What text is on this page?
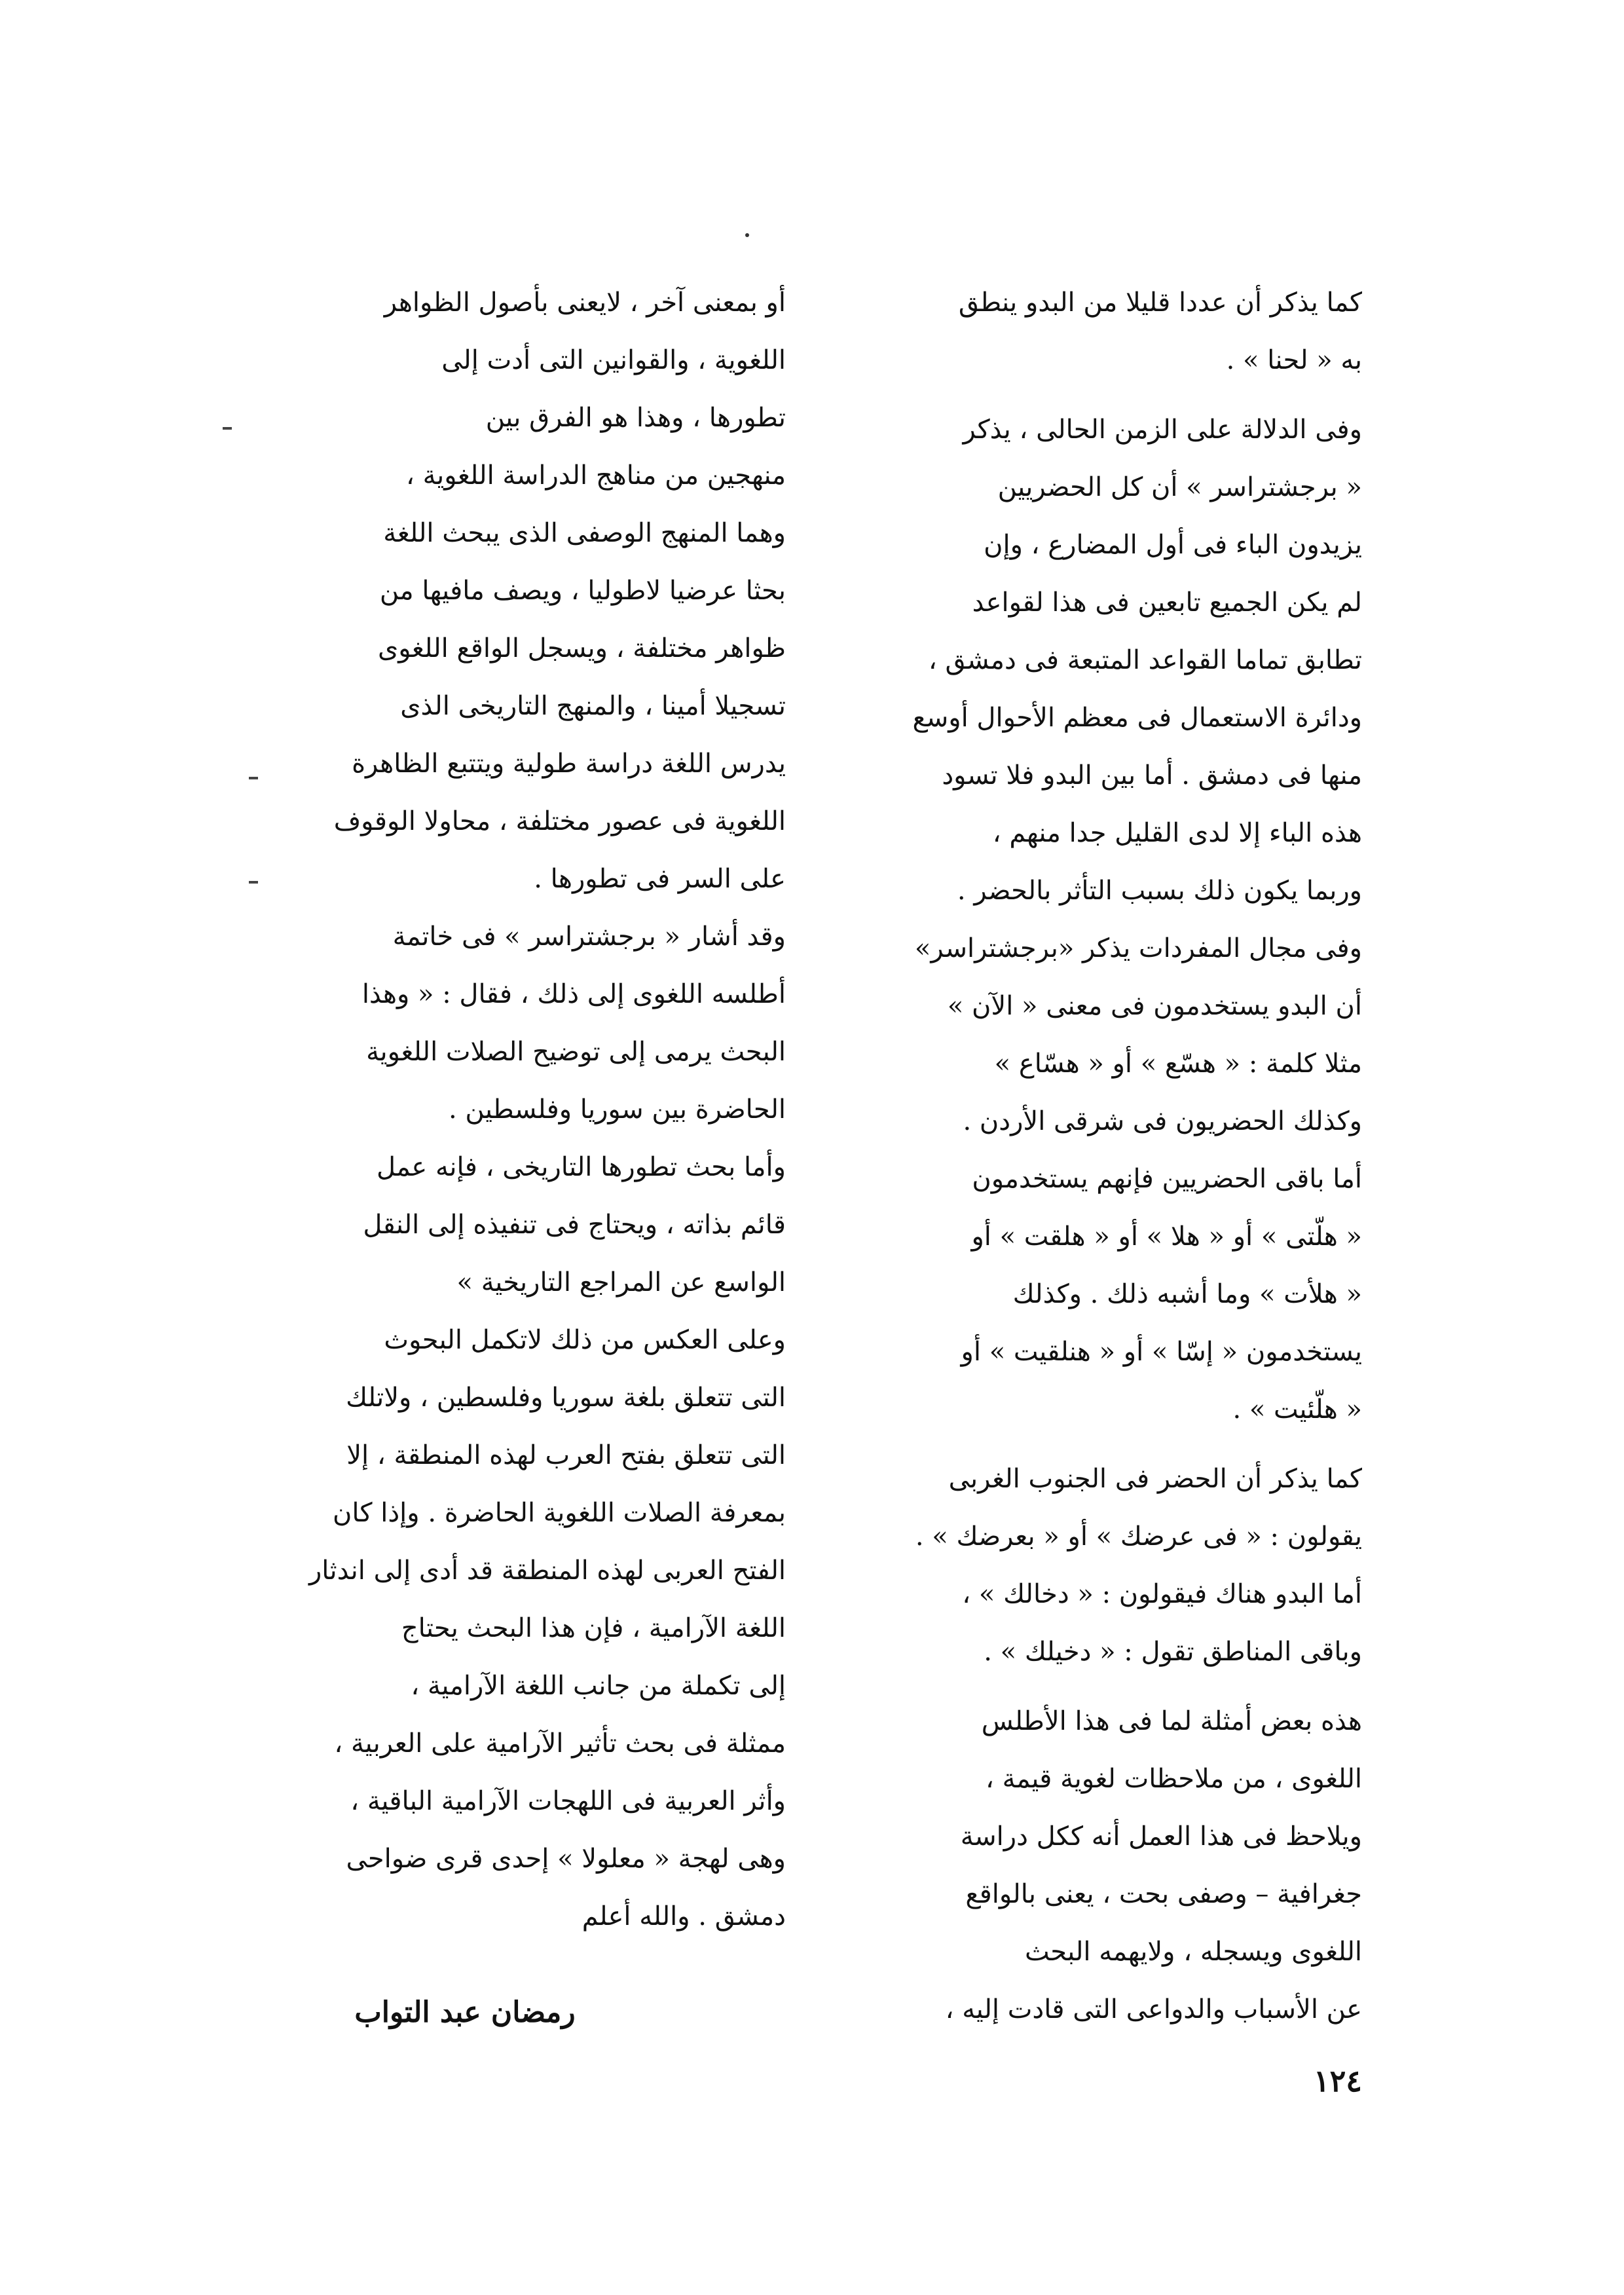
كما يذكر أن عددا قليلا من البدو ينطق
به « لحنا » .
وفى الدلالة على الزمن الحالى ، يذكر
« برجشتراسر » أن كل الحضريين
يزيدون الباء فى أول المضارع ، وإن
لم يكن الجميع تابعين فى هذا لقواعد
تطابق تماما القواعد المتبعة فى دمشق ،
ودائرة الاستعمال فى معظم الأحوال أوسع
منها فى دمشق . أما بين البدو فلا تسود
هذه الباء إلا لدى القليل جدا منهم ،
وربما يكون ذلك بسبب التأثر بالحضر .
وفى مجال المفردات يذكر «برجشتراسر»
أن البدو يستخدمون فى معنى « الآن »
مثلا كلمة : « هسّع » أو « هسّاع »
وكذلك الحضريون فى شرقى الأردن .
أما باقى الحضريين فإنهم يستخدمون
« هلّتى » أو « هلا » أو « هلقت » أو
« هلأت » وما أشبه ذلك . وكذلك
يستخدمون « إسّا » أو « هنلقيت » أو
« هلّئيت » .
كما يذكر أن الحضر فى الجنوب الغربى
يقولون : « فى عرضك » أو « بعرضك » .
أما البدو هناك فيقولون : « دخالك » ،
وباقى المناطق تقول : « دخيلك » .
هذه بعض أمثلة لما فى هذا الأطلس
اللغوى ، من ملاحظات لغوية قيمة ،
ويلاحظ فى هذا العمل أنه ككل دراسة
جغرافية – وصفى بحت ، يعنى بالواقع
اللغوى ويسجله ، ولايهمه البحث
عن الأسباب والدواعى التى قادت إليه ،
أو بمعنى آخر ، لايعنى بأصول الظواهر
اللغوية ، والقوانين التى أدت إلى
تطورها ، وهذا هو الفرق بين
منهجين من مناهج الدراسة اللغوية ،
وهما المنهج الوصفى الذى يبحث اللغة
بحثا عرضيا لاطوليا ، ويصف مافيها من
ظواهر مختلفة ، ويسجل الواقع اللغوى
تسجيلا أمينا ، والمنهج التاريخى الذى
يدرس اللغة دراسة طولية ويتتبع الظاهرة
اللغوية فى عصور مختلفة ، محاولا الوقوف
على السر فى تطورها .
وقد أشار « برجشتراسر » فى خاتمة
أطلسه اللغوى إلى ذلك ، فقال : « وهذا
البحث يرمى إلى توضيح الصلات اللغوية
الحاضرة بين سوريا وفلسطين .
وأما بحث تطورها التاريخى ، فإنه عمل
قائم بذاته ، ويحتاج فى تنفيذه إلى النقل
الواسع عن المراجع التاريخية »
وعلى العكس من ذلك لاتكمل البحوث
التى تتعلق بلغة سوريا وفلسطين ، ولاتلك
التى تتعلق بفتح العرب لهذه المنطقة ، إلا
بمعرفة الصلات اللغوية الحاضرة . وإذا كان
الفتح العربى لهذه المنطقة قد أدى إلى اندثار
اللغة الآرامية ، فإن هذا البحث يحتاج
إلى تكملة من جانب اللغة الآرامية ،
ممثلة فى بحث تأثير الآرامية على العربية ،
وأثر العربية فى اللهجات الآرامية الباقية ،
وهى لهجة « معلولا » إحدى قرى ضواحى
دمشق . والله أعلم
رمضان عبد التواب
١٢٤
